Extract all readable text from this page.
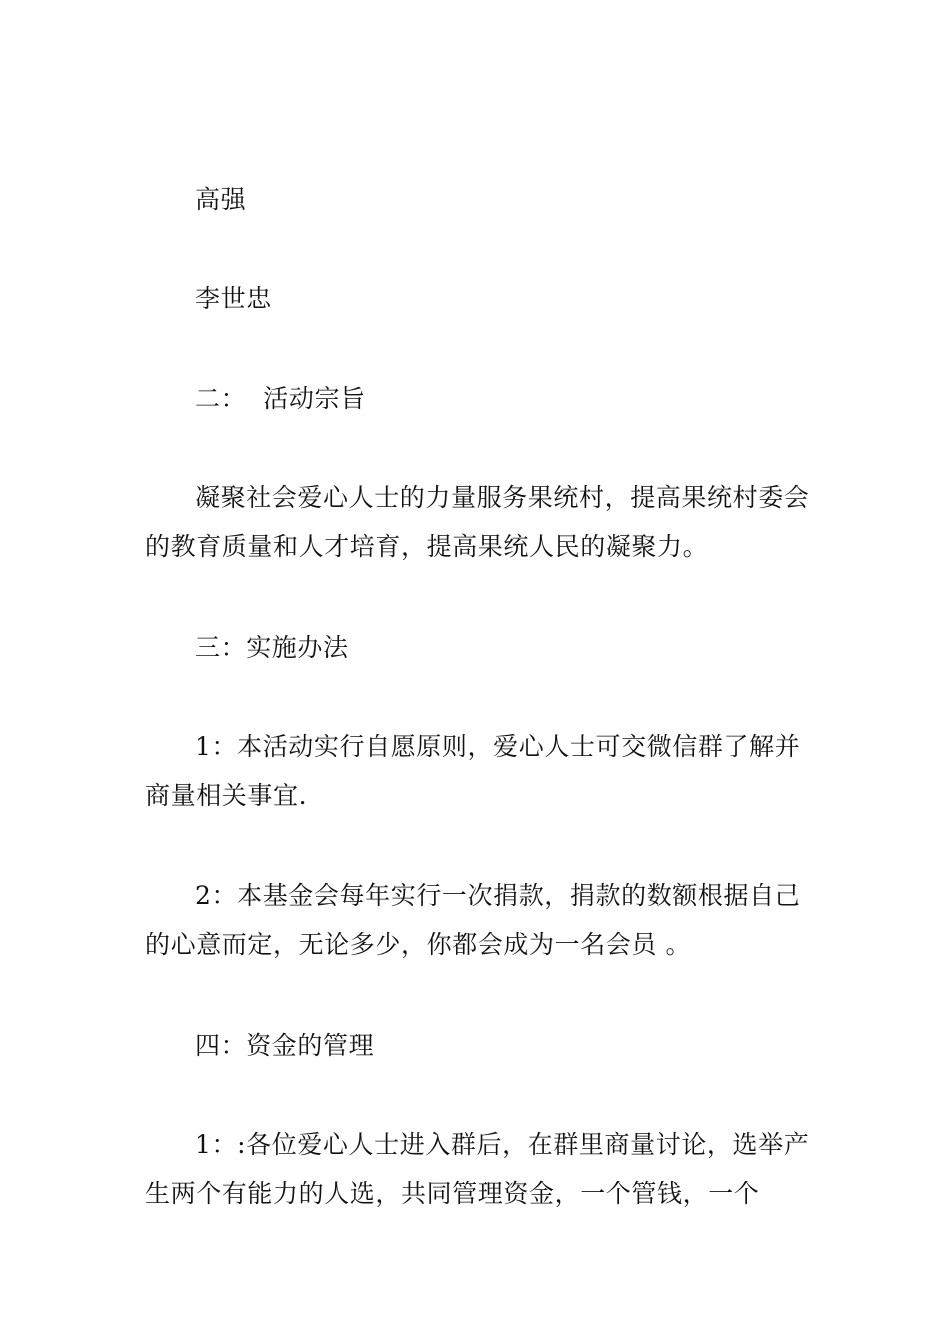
高强

李世忠

二：  活动宗旨

凝聚社会爱心人士的力量服务果统村，提高果统村委会的教育质量和人才培育，提高果统人民的凝聚力。

三：实施办法

1：本活动实行自愿原则，爱心人士可交微信群了解并商量相关事宜.

2：本基金会每年实行一次捐款，捐款的数额根据自己的心意而定，无论多少，你都会成为一名会员 。

四：资金的管理

1：:各位爱心人士进入群后，在群里商量讨论，选举产生两个有能力的人选，共同管理资金，一个管钱，一个
